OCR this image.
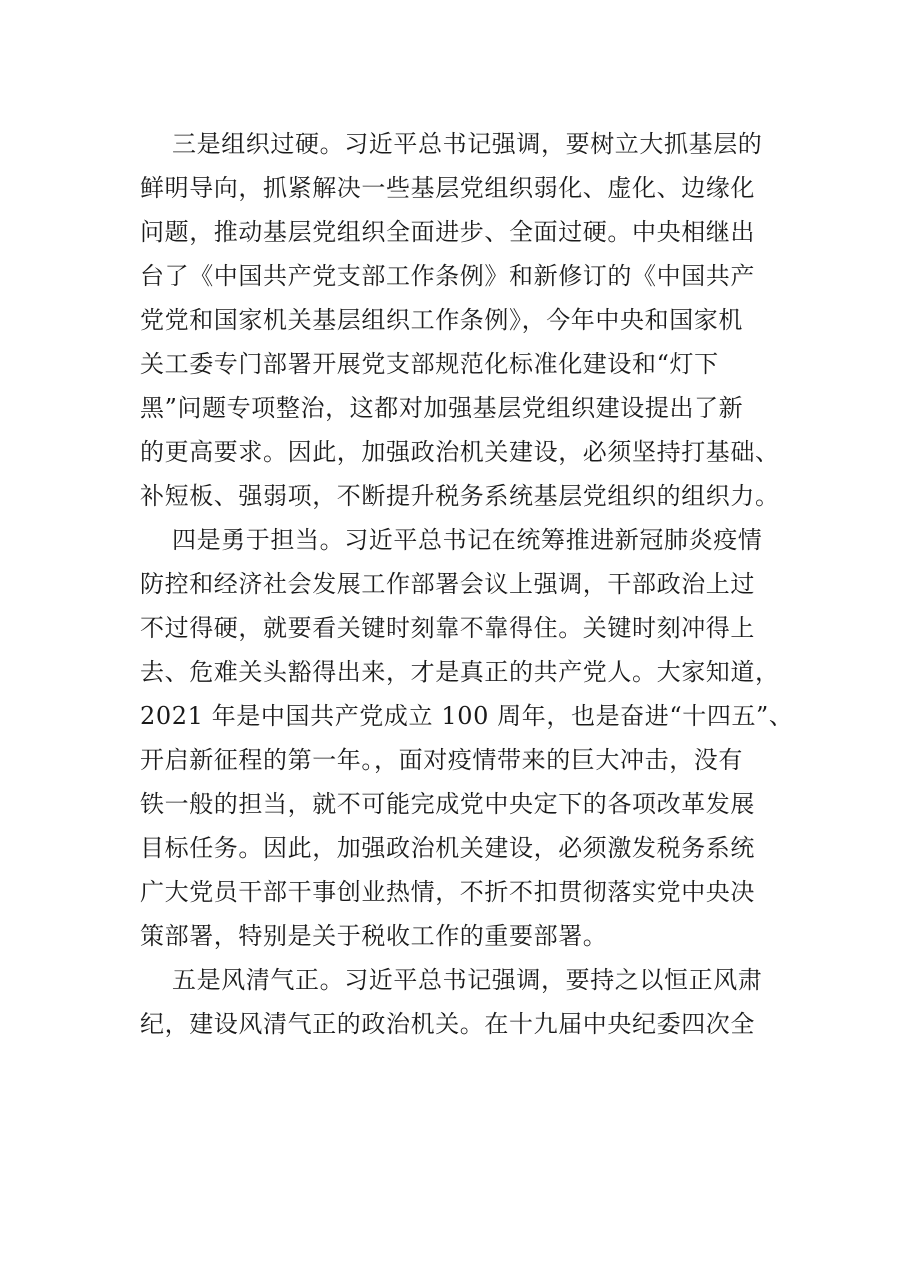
三是组织过硬。习近平总书记强调，要树立大抓基层的
鲜明导向，抓紧解决一些基层党组织弱化、虚化、边缘化
问题，推动基层党组织全面进步、全面过硬。中央相继出
台了《中国共产党支部工作条例》和新修订的《中国共产
党党和国家机关基层组织工作条例》，今年中央和国家机
关工委专门部署开展党支部规范化标准化建设和“灯下
黑”问题专项整治，这都对加强基层党组织建设提出了新
的更高要求。因此，加强政治机关建设，必须坚持打基础、
补短板、强弱项，不断提升税务系统基层党组织的组织力。
四是勇于担当。习近平总书记在统筹推进新冠肺炎疫情
防控和经济社会发展工作部署会议上强调，干部政治上过
不过得硬，就要看关键时刻靠不靠得住。关键时刻冲得上
去、危难关头豁得出来，才是真正的共产党人。大家知道，
2021 年是中国共产党成立 100 周年，也是奋进“十四五”、
开启新征程的第一年。，面对疫情带来的巨大冲击，没有
铁一般的担当，就不可能完成党中央定下的各项改革发展
目标任务。因此，加强政治机关建设，必须激发税务系统
广大党员干部干事创业热情，不折不扣贯彻落实党中央决
策部署，特别是关于税收工作的重要部署。
五是风清气正。习近平总书记强调，要持之以恒正风肃
纪，建设风清气正的政治机关。在十九届中央纪委四次全
